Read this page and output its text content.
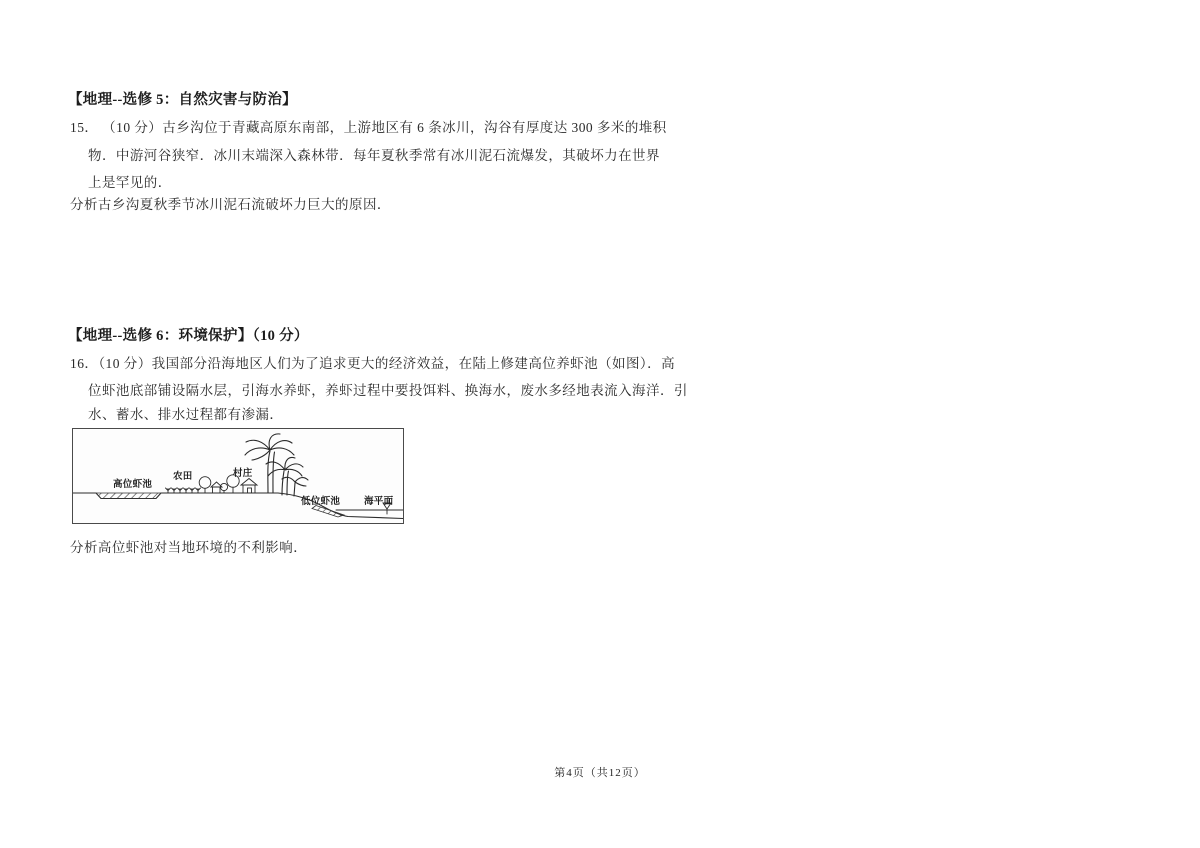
【地理--选修 5：自然灾害与防治】
15． （10 分）古乡沟位于青藏高原东南部，上游地区有 6 条冰川，沟谷有厚度达 300 多米的堆积
物．中游河谷狭窄．冰川末端深入森林带．每年夏秋季常有冰川泥石流爆发，其破坏力在世界
上是罕见的．
分析古乡沟夏秋季节冰川泥石流破坏力巨大的原因．
【地理--选修 6：环境保护】（10 分）
16．（10 分）我国部分沿海地区人们为了追求更大的经济效益，在陆上修建高位养虾池（如图）．高
位虾池底部铺设隔水层，引海水养虾，养虾过程中要投饵料、换海水，废水多经地表流入海洋．引
水、蓄水、排水过程都有渗漏．
高位虾池
农田	村庄
低位虾池	海平面
分析高位虾池对当地环境的不利影响．
第4页（共12页）
